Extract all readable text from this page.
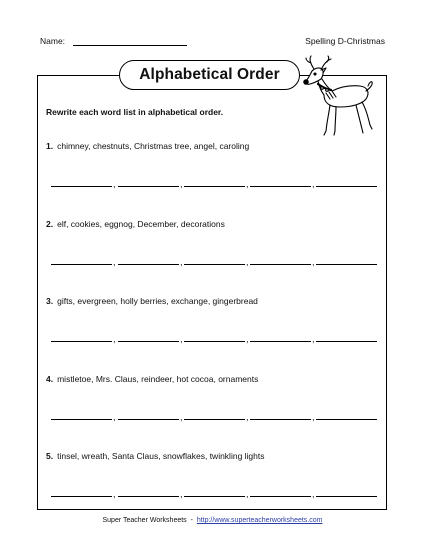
Name:	Spelling D-Christmas
Alphabetical Order
Rewrite each word list in alphabetical order.
1. chimney, chestnuts, Christmas tree, angel, caroling
,	,	,	,
2. elf, cookies, eggnog, December, decorations
,	,	,	,
3. gifts, evergreen, holly berries, exchange, gingerbread
,	,	,	,
4. mistletoe, Mrs. Claus, reindeer, hot cocoa, ornaments
,	,	,	,
5. tinsel, wreath, Santa Claus, snowflakes, twinkling lights
,	,	,	,
Super Teacher Worksheets - http://www.superteacherworksheets.com
